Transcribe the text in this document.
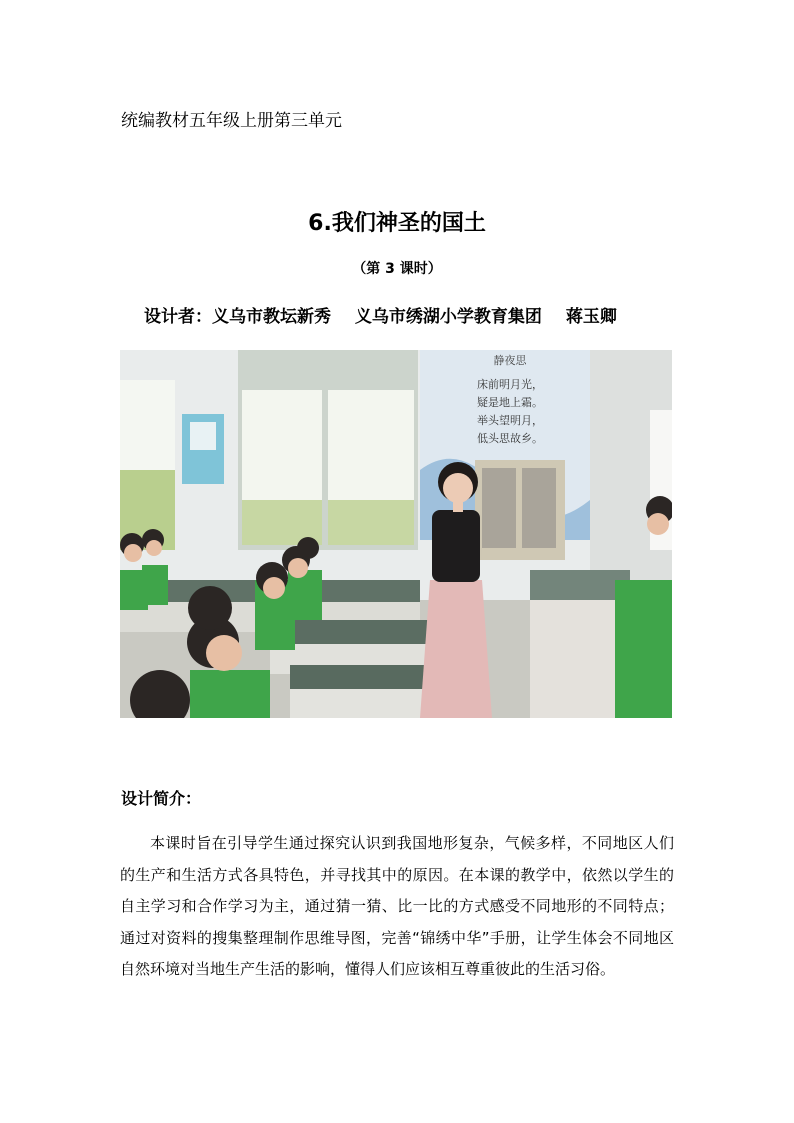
统编教材五年级上册第三单元
6.我们神圣的国土
（第 3 课时）
设计者：义乌市教坛新秀 义乌市绣湖小学教育集团 蒋玉卿
静夜思
床前明月光，
疑是地上霜。
举头望明月，
低头思故乡。
设计简介：
本课时旨在引导学生通过探究认识到我国地形复杂，气候多样，不同地区人们的生产和生活方式各具特色，并寻找其中的原因。在本课的教学中，依然以学生的自主学习和合作学习为主，通过猜一猜、比一比的方式感受不同地形的不同特点；通过对资料的搜集整理制作思维导图，完善“锦绣中华”手册，让学生体会不同地区自然环境对当地生产生活的影响，懂得人们应该相互尊重彼此的生活习俗。
